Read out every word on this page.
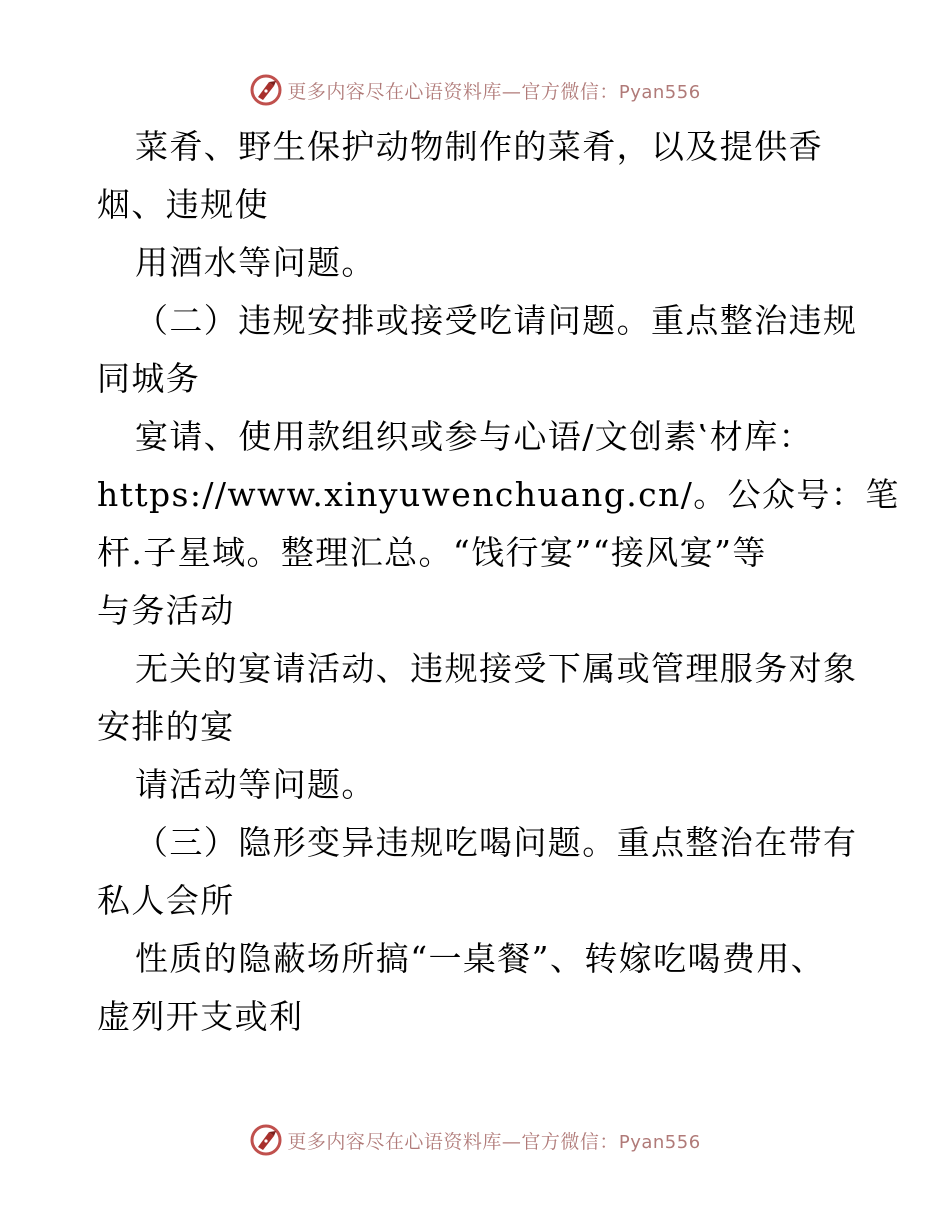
更多内容尽在心语资料库—官方微信：Pyan556
菜肴、野生保护动物制作的菜肴，以及提供香
烟、违规使
用酒水等问题。
（二）违规安排或接受吃请问题。重点整治违规
同城务
宴请、使用款组织或参与心语/文创素‛材库：
https://www.xinyuwenchuang.cn/。公众号：笔
杆.子星域。整理汇总。“饯行宴”“接风宴”等
与务活动
无关的宴请活动、违规接受下属或管理服务对象
安排的宴
请活动等问题。
（三）隐形变异违规吃喝问题。重点整治在带有
私人会所
性质的隐蔽场所搞“一桌餐”、转嫁吃喝费用、
虚列开支或利
更多内容尽在心语资料库—官方微信：Pyan556
